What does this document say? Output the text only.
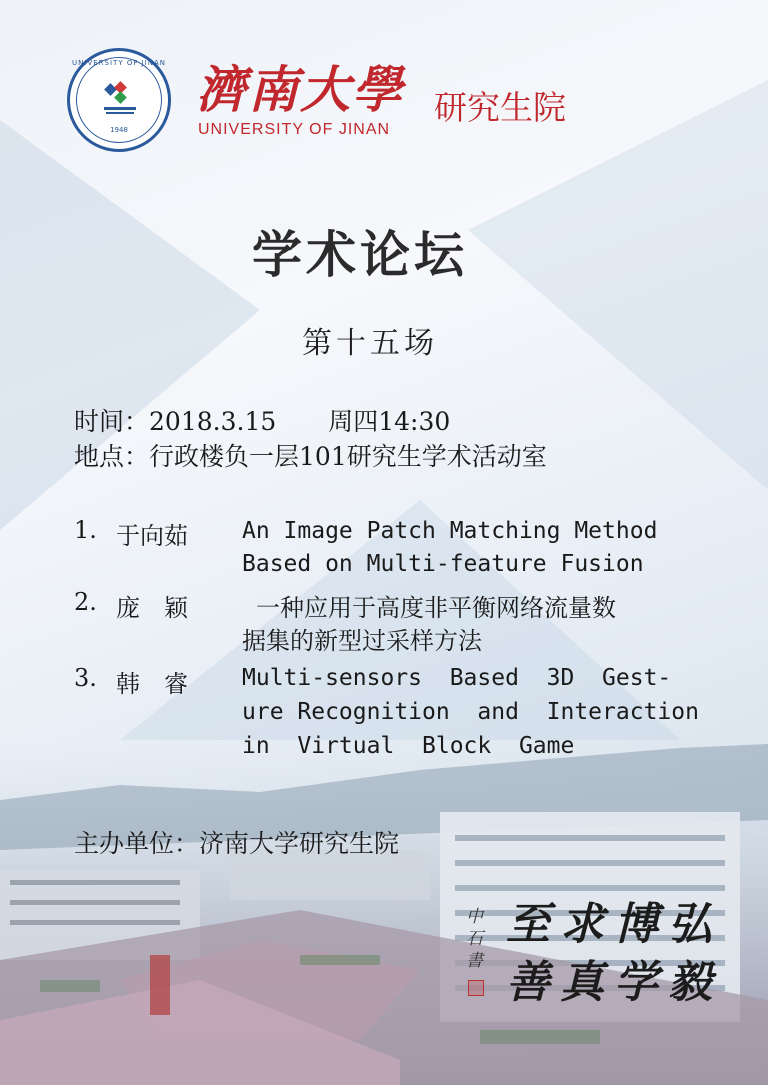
UNIVERSITY OF JINAN
1948
濟南大學
UNIVERSITY OF JINAN
研究生院
学术论坛
第十五场
时间：2018.3.15 周四14:30
地点：行政楼负一层101研究生学术活动室
1. 于向茹 An Image Patch Matching Method
Based on Multi-feature Fusion
2. 庞　颖	一种应用于高度非平衡网络流量数
据集的新型过采样方法
3. 韩　睿 Multi-sensors  Based  3D  Gest-
ure Recognition  and  Interaction
in  Virtual  Block  Game
主办单位：济南大学研究生院
中石書
至求博弘
善真学毅
